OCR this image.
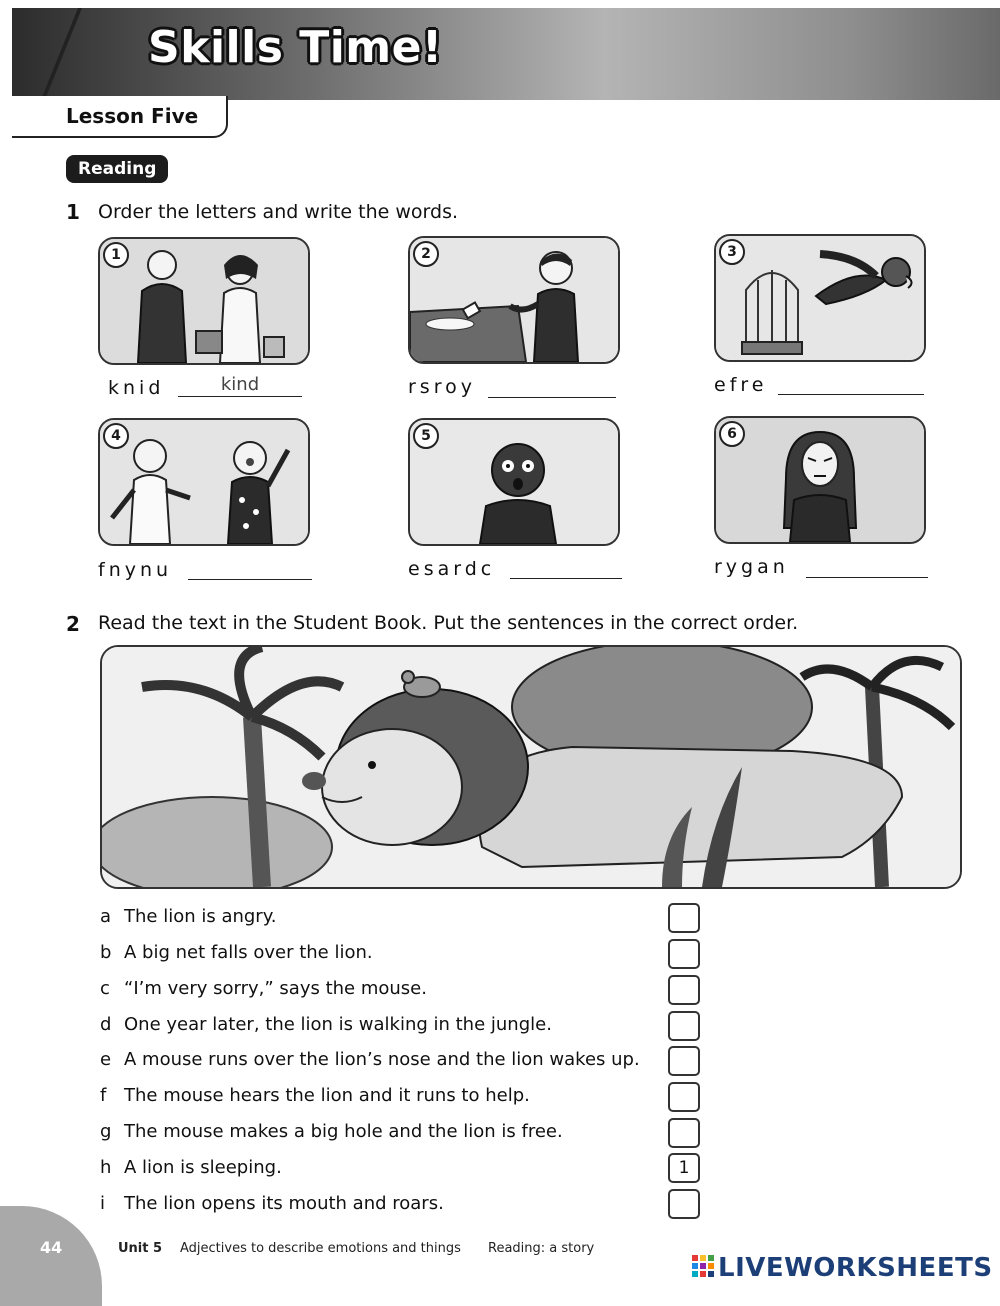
Skills Time!
Lesson Five
Reading
1 Order the letters and write the words.
1
knid
kind
2
rsroy
3
efre
4
fnynu
5
esardc
6
rygan
2 Read the text in the Student Book. Put the sentences in the correct order.
a The lion is angry.
b A big net falls over the lion.
c “I’m very sorry,” says the mouse.
d One year later, the lion is walking in the jungle.
e A mouse runs over the lion’s nose and the lion wakes up.
f The mouse hears the lion and it runs to help.
g The mouse makes a big hole and the lion is free.
h A lion is sleeping.
1
i The lion opens its mouth and roars.
44	Unit 5 Adjectives to describe emotions and things Reading: a story
LIVEWORKSHEETS
